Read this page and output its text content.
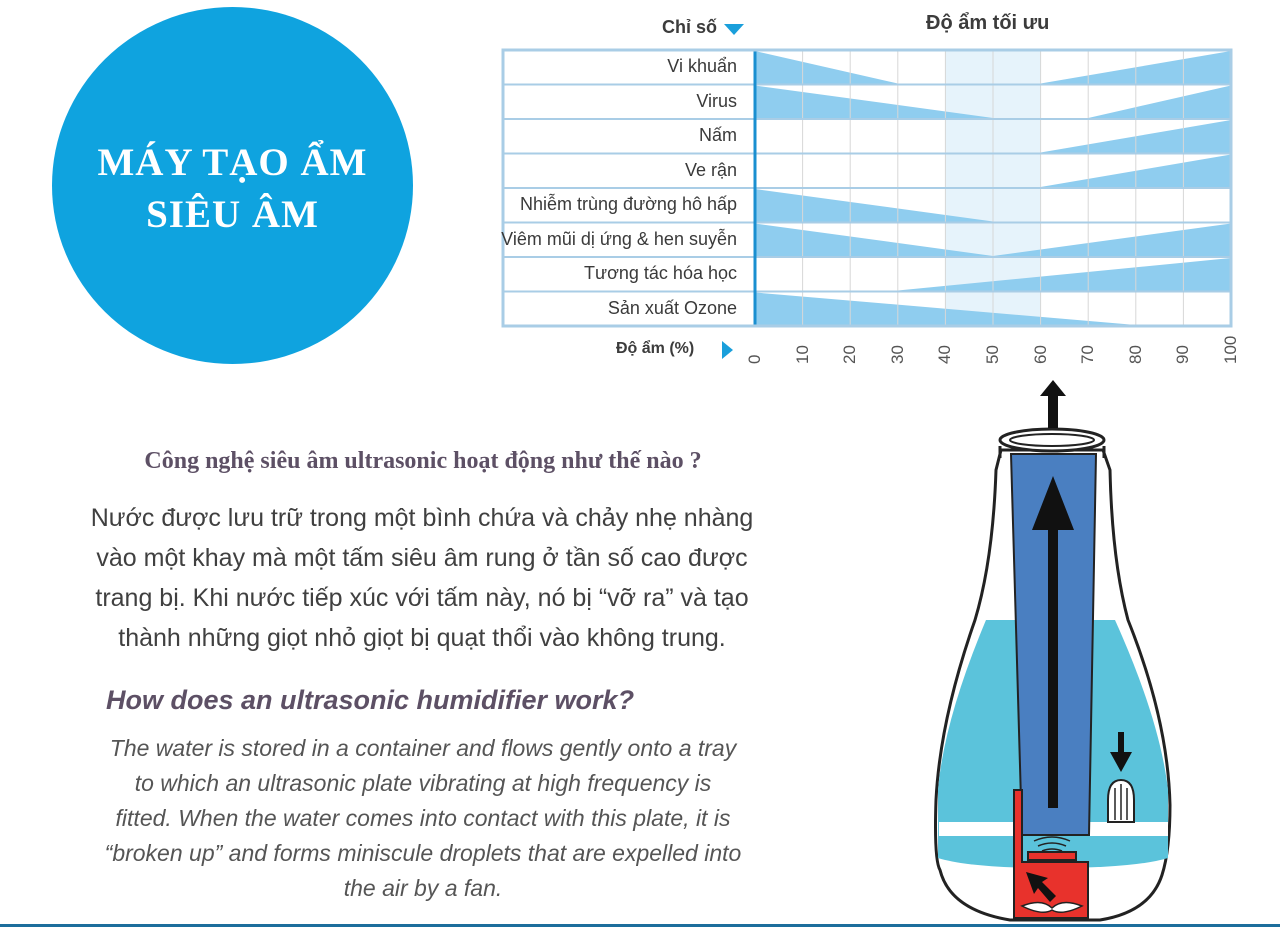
MÁY TẠO ẨM
SIÊU ÂM
Chỉ số	Độ ẩm tối ưu
Độ ẩm (%)
Vi khuẩn
Virus
Nấm
Ve rận
Nhiễm trùng đường hô hấp
Viêm mũi dị ứng & hen suyễn
Tương tác hóa học
Sản xuất Ozone
0 10 20 30 40 50 60 70 80 90 100
Công nghệ siêu âm ultrasonic hoạt động như thế nào ?
Nước được lưu trữ trong một bình chứa và chảy nhẹ nhàng
vào một khay mà một tấm siêu âm rung ở tần số cao được
trang bị. Khi nước tiếp xúc với tấm này, nó bị “vỡ ra” và tạo
thành những giọt nhỏ giọt bị quạt thổi vào không trung.
How does an ultrasonic humidifier work?
The water is stored in a container and flows gently onto a tray
to which an ultrasonic plate vibrating at high frequency is
fitted. When the water comes into contact with this plate, it is
“broken up” and forms miniscule droplets that are expelled into
the air by a fan.
